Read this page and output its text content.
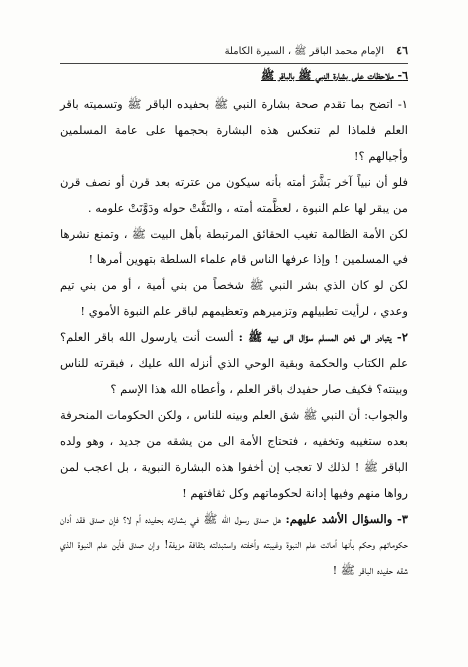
٤٦
الإمام محمد الباقر ﷺ ، السيرة الكاملة
٦- ملاحظات على بشارة النبي ﷺ بالباقر ﷺ

١- اتضح بما تقدم صحة بشارة النبي ﷺ بحفيده الباقر ﷺ وتسميته باقر العلم فلماذا لم تنعكس هذه البشارة بحجمها على عامة المسلمين وأجيالهم ؟!

فلو أن نبياً آخر بَشَّرَ أمته بأنه سيكون من عترته بعد قرن أو نصف قرن من يبقر لها علم النبوة ، لعظَّمته أمته ، والتَفَّتْ حوله ودَوَّنَتْ علومه .

لكن الأمة الظالمة تغيب الحقائق المرتبطة بأهل البيت ﷺ ، وتمنع نشرها في المسلمين ! وإذا عرفها الناس قام علماء السلطة بتهوين أمرها !

لكن لو كان الذي بشر النبي ﷺ شخصاً من بني أمية ، أو من بني تيم وعدي ، لرأيت تطبيلهم وتزميرهم وتعظيمهم لباقر علم النبوة الأموي !

٢- يتبادر الى ذهن المسلم سؤال الى نبيه ﷺ : ألست أنت يارسول الله باقر العلم؟ علم الكتاب والحكمة وبقية الوحي الذي أنزله الله عليك ، فبقرته للناس وبينته؟ فكيف صار حفيدك باقر العلم ، وأعطاه الله هذا الإسم ؟

والجواب: أن النبي ﷺ شق العلم وبينه للناس ، ولكن الحكومات المنحرفة بعده ستغيبه وتخفيه ، فتحتاج الأمة الى من يشقه من جديد ، وهو ولده الباقر ﷺ ! لذلك لا تعجب إن أخفوا هذه البشارة النبوية ، بل اعجب لمن رواها منهم وفيها إدانة لحكوماتهم وكل ثقافتهم !

٣- والسؤال الأشد عليهم: هل صدق رسول الله ﷺ في بشارته بحفيده أم لا؟ فإن صدق فقد أدان حكوماتهم وحكم بأنها أماتت علم النبوة وغيبته وأخفته واستبدلته بثقافة مزيفة! وإن صدق فأين علم النبوة الذي شقه حفيده الباقر ﷺ !
